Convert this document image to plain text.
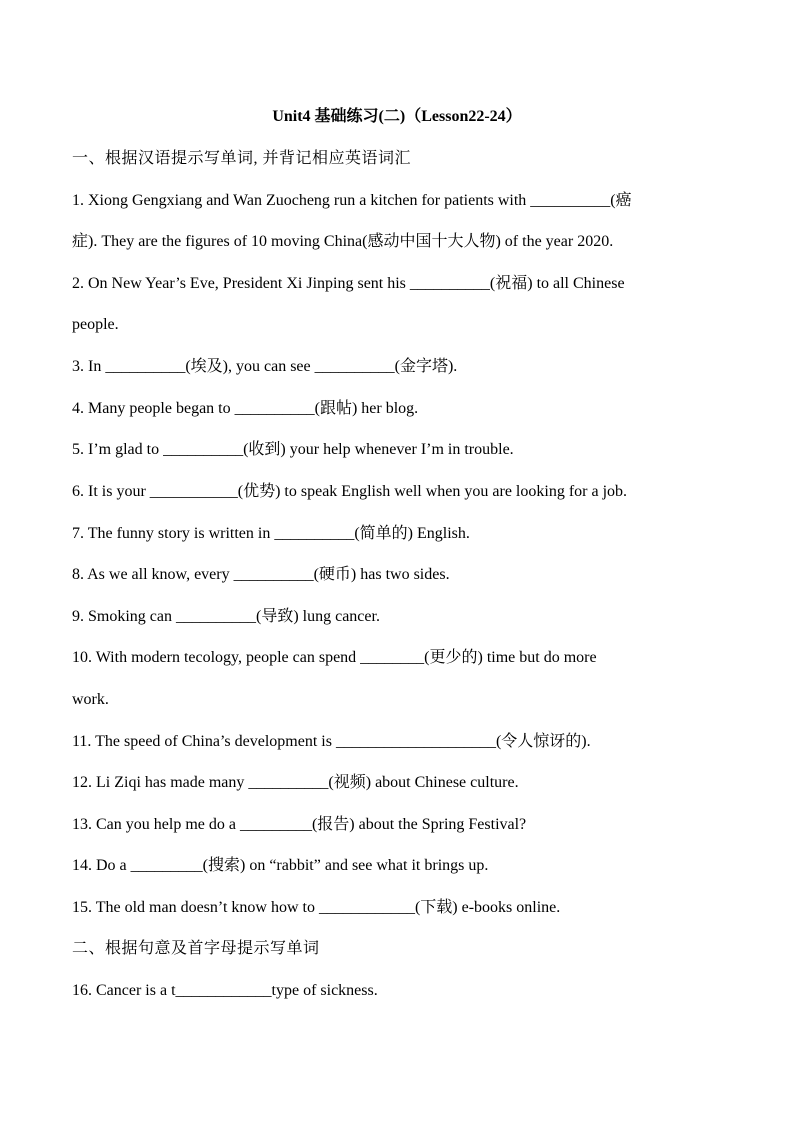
Unit4 基础练习(二)（Lesson22-24）
一、根据汉语提示写单词, 并背记相应英语词汇
1. Xiong Gengxiang and Wan Zuocheng run a kitchen for patients with __________(癌
症). They are the figures of 10 moving China(感动中国十大人物) of the year 2020.
2. On New Year’s Eve, President Xi Jinping sent his __________(祝福) to all Chinese
people.
3. In __________(埃及), you can see __________(金字塔).
4. Many people began to __________(跟帖) her blog.
5. I’m glad to __________(收到) your help whenever I’m in trouble.
6. It is your ___________(优势) to speak English well when you are looking for a job.
7. The funny story is written in __________(简单的) English.
8. As we all know, every __________(硬币) has two sides.
9. Smoking can __________(导致) lung cancer.
10. With modern tecology, people can spend ________(更少的) time but do more
work.
11. The speed of China’s development is ____________________(令人惊讶的).
12. Li Ziqi has made many __________(视频) about Chinese culture.
13. Can you help me do a _________(报告) about the Spring Festival?
14. Do a _________(搜索) on “rabbit” and see what it brings up.
15. The old man doesn’t know how to ____________(下载) e-books online.
二、根据句意及首字母提示写单词
16. Cancer is a t____________type of sickness.
